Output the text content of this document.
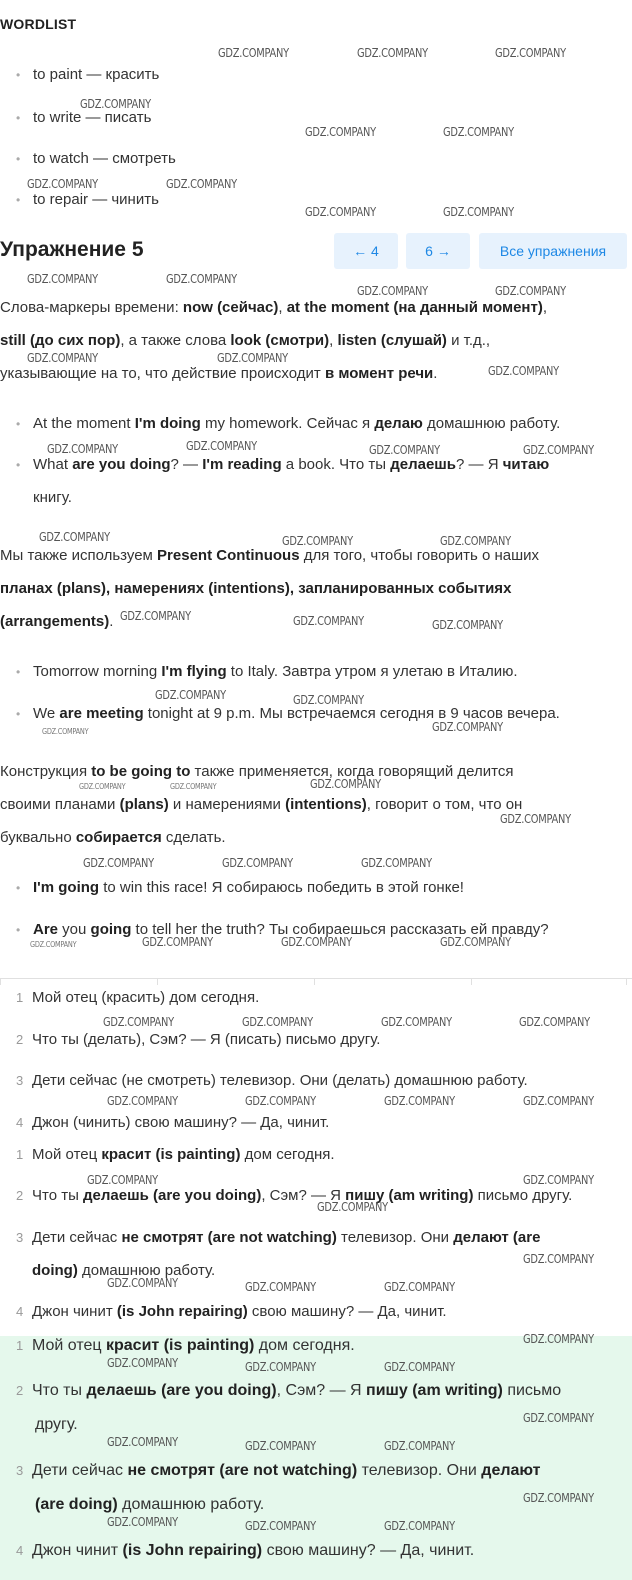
WORDLIST
• to paint — красить
• to write — писать
• to watch — смотреть
• to repair — чинить
Упражнение 5	← 4	6 →	Все упражнения
Слова-маркеры времени: now (сейчас), at the moment (на данный момент),
still (до сих пор), а также слова look (смотри), listen (слушай) и т.д.,
указывающие на то, что действие происходит в момент речи.
• At the moment I'm doing my homework. Сейчас я делаю домашнюю работу.
• What are you doing? — I'm reading a book. Что ты делаешь? — Я читаю
книгу.
Мы также используем Present Continuous для того, чтобы говорить о наших
планах (plans), намерениях (intentions), запланированных событиях
(arrangements).
• Tomorrow morning I'm flying to Italy. Завтра утром я улетаю в Италию.
• We are meeting tonight at 9 p.m. Мы встречаемся сегодня в 9 часов вечера.
Конструкция to be going to также применяется, когда говорящий делится
своими планами (plans) и намерениями (intentions), говорит о том, что он
буквально собирается сделать.
• I'm going to win this race! Я собираюсь победить в этой гонке!
• Are you going to tell her the truth? Ты собираешься рассказать ей правду?
1 Мой отец (красить) дом сегодня.
2 Что ты (делать), Сэм? — Я (писать) письмо другу.
3 Дети сейчас (не смотреть) телевизор. Они (делать) домашнюю работу.
4 Джон (чинить) свою машину? — Да, чинит.
1 Мой отец красит (is painting) дом сегодня.
2 Что ты делаешь (are you doing), Сэм? — Я пишу (am writing) письмо другу.
3 Дети сейчас не смотрят (are not watching) телевизор. Они делают (are
doing) домашнюю работу.
4 Джон чинит (is John repairing) свою машину? — Да, чинит.
1 Мой отец красит (is painting) дом сегодня.
2 Что ты делаешь (are you doing), Сэм? — Я пишу (am writing) письмо
другу.
3 Дети сейчас не смотрят (are not watching) телевизор. Они делают
(are doing) домашнюю работу.
4 Джон чинит (is John repairing) свою машину? — Да, чинит.
GDZ.COMPANY	GDZ.COMPANY	GDZ.COMPANY
GDZ.COMPANY
GDZ.COMPANY	GDZ.COMPANY
GDZ.COMPANY	GDZ.COMPANY
GDZ.COMPANY	GDZ.COMPANY
GDZ.COMPANY	GDZ.COMPANY
GDZ.COMPANY	GDZ.COMPANY
GDZ.COMPANY	GDZ.COMPANY
GDZ.COMPANY
GDZ.COMPANY	GDZ.COMPANY	GDZ.COMPANY	GDZ.COMPANY
GDZ.COMPANY	GDZ.COMPANY	GDZ.COMPANY
GDZ.COMPANY	GDZ.COMPANY	GDZ.COMPANY
GDZ.COMPANY	GDZ.COMPANY
GDZ.COMPANY
GDZ.COMPANY
GDZ.COMPANY
GDZ.COMPANY	GDZ.COMPANY	GDZ.COMPANY
GDZ.COMPANY	GDZ.COMPANY	GDZ.COMPANY
GDZ.COMPANY	GDZ.COMPANY	GDZ.COMPANY	GDZ.COMPANY
GDZ.COMPANY	GDZ.COMPANY	GDZ.COMPANY	GDZ.COMPANY
GDZ.COMPANY	GDZ.COMPANY
GDZ.COMPANY
GDZ.COMPANY
GDZ.COMPANY	GDZ.COMPANY	GDZ.COMPANY
GDZ.COMPANY
GDZ.COMPANY	GDZ.COMPANY	GDZ.COMPANY
GDZ.COMPANY
GDZ.COMPANY	GDZ.COMPANY	GDZ.COMPANY
GDZ.COMPANY
GDZ.COMPANY	GDZ.COMPANY	GDZ.COMPANY
GDZ.COMPANY
GDZ.COMPANY	GDZ.COMPANY
GDZ.COMPANY
